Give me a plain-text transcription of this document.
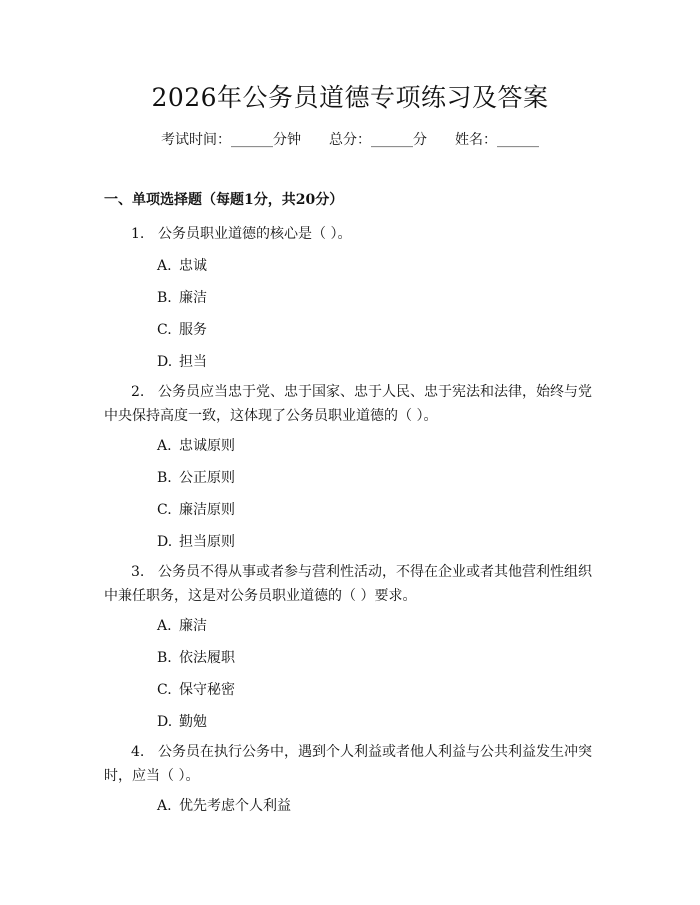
2026年公务员道德专项练习及答案
考试时间：______分钟 总分：______分 姓名：______
一、单项选择题（每题1分，共20分）

1. 公务员职业道德的核心是（ ）。

A. 忠诚
B. 廉洁
C. 服务
D. 担当

2. 公务员应当忠于党、忠于国家、忠于人民、忠于宪法和法律，始终与党中央保持高度一致，这体现了公务员职业道德的（ ）。

A. 忠诚原则
B. 公正原则
C. 廉洁原则
D. 担当原则

3. 公务员不得从事或者参与营利性活动，不得在企业或者其他营利性组织中兼任职务，这是对公务员职业道德的（ ）要求。

A. 廉洁
B. 依法履职
C. 保守秘密
D. 勤勉

4. 公务员在执行公务中，遇到个人利益或者他人利益与公共利益发生冲突时，应当（ ）。

A. 优先考虑个人利益
